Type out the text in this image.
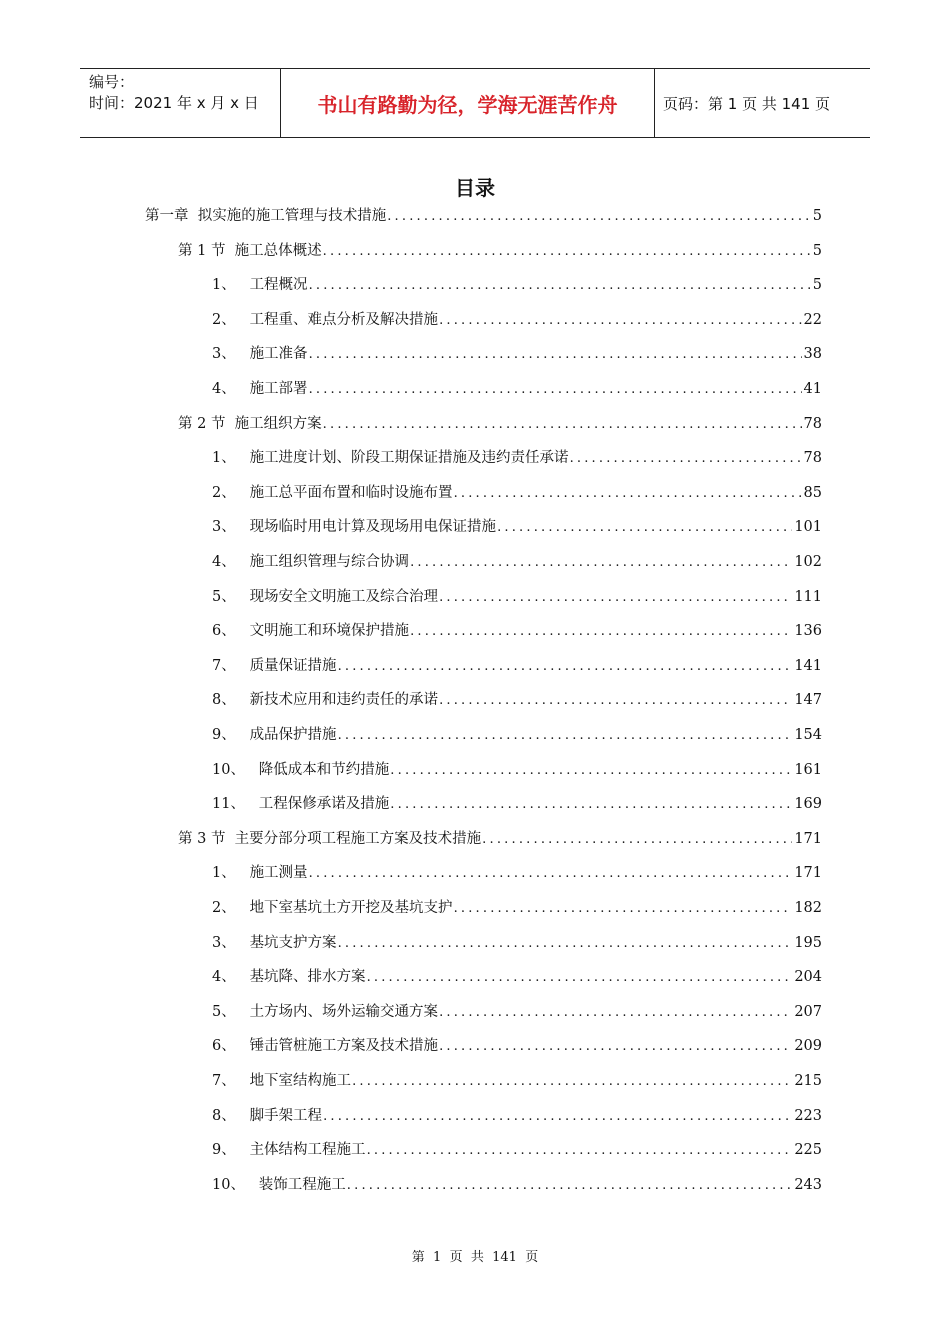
编号：
时间：2021 年 x 月 x 日	书山有路勤为径，学海无涯苦作舟	页码：第 1 页 共 141 页
目录
第一章 拟实施的施工管理与技术措施 .....	5
第 1 节 施工总体概述 .....	5
1、 工程概况 .....	5
2、 工程重、难点分析及解决措施 .....	22
3、 施工准备 .....	38
4、 施工部署 .....	41
第 2 节 施工组织方案 .....	78
1、 施工进度计划、阶段工期保证措施及违约责任承诺 .....	78
2、 施工总平面布置和临时设施布置 .....	85
3、 现场临时用电计算及现场用电保证措施 .....	101
4、 施工组织管理与综合协调 .....	102
5、 现场安全文明施工及综合治理 .....	111
6、 文明施工和环境保护措施 .....	136
7、 质量保证措施 .....	141
8、 新技术应用和违约责任的承诺 .....	147
9、 成品保护措施 .....	154
10、 降低成本和节约措施 .....	161
11、 工程保修承诺及措施 .....	169
第 3 节 主要分部分项工程施工方案及技术措施 .....	171
1、 施工测量 .....	171
2、 地下室基坑土方开挖及基坑支护 .....	182
3、 基坑支护方案 .....	195
4、 基坑降、排水方案 .....	204
5、 土方场内、场外运输交通方案 .....	207
6、 锤击管桩施工方案及技术措施 .....	209
7、 地下室结构施工 .....	215
8、 脚手架工程 .....	223
9、 主体结构工程施工 .....	225
10、 装饰工程施工 .....	243
第  1  页  共  141  页
